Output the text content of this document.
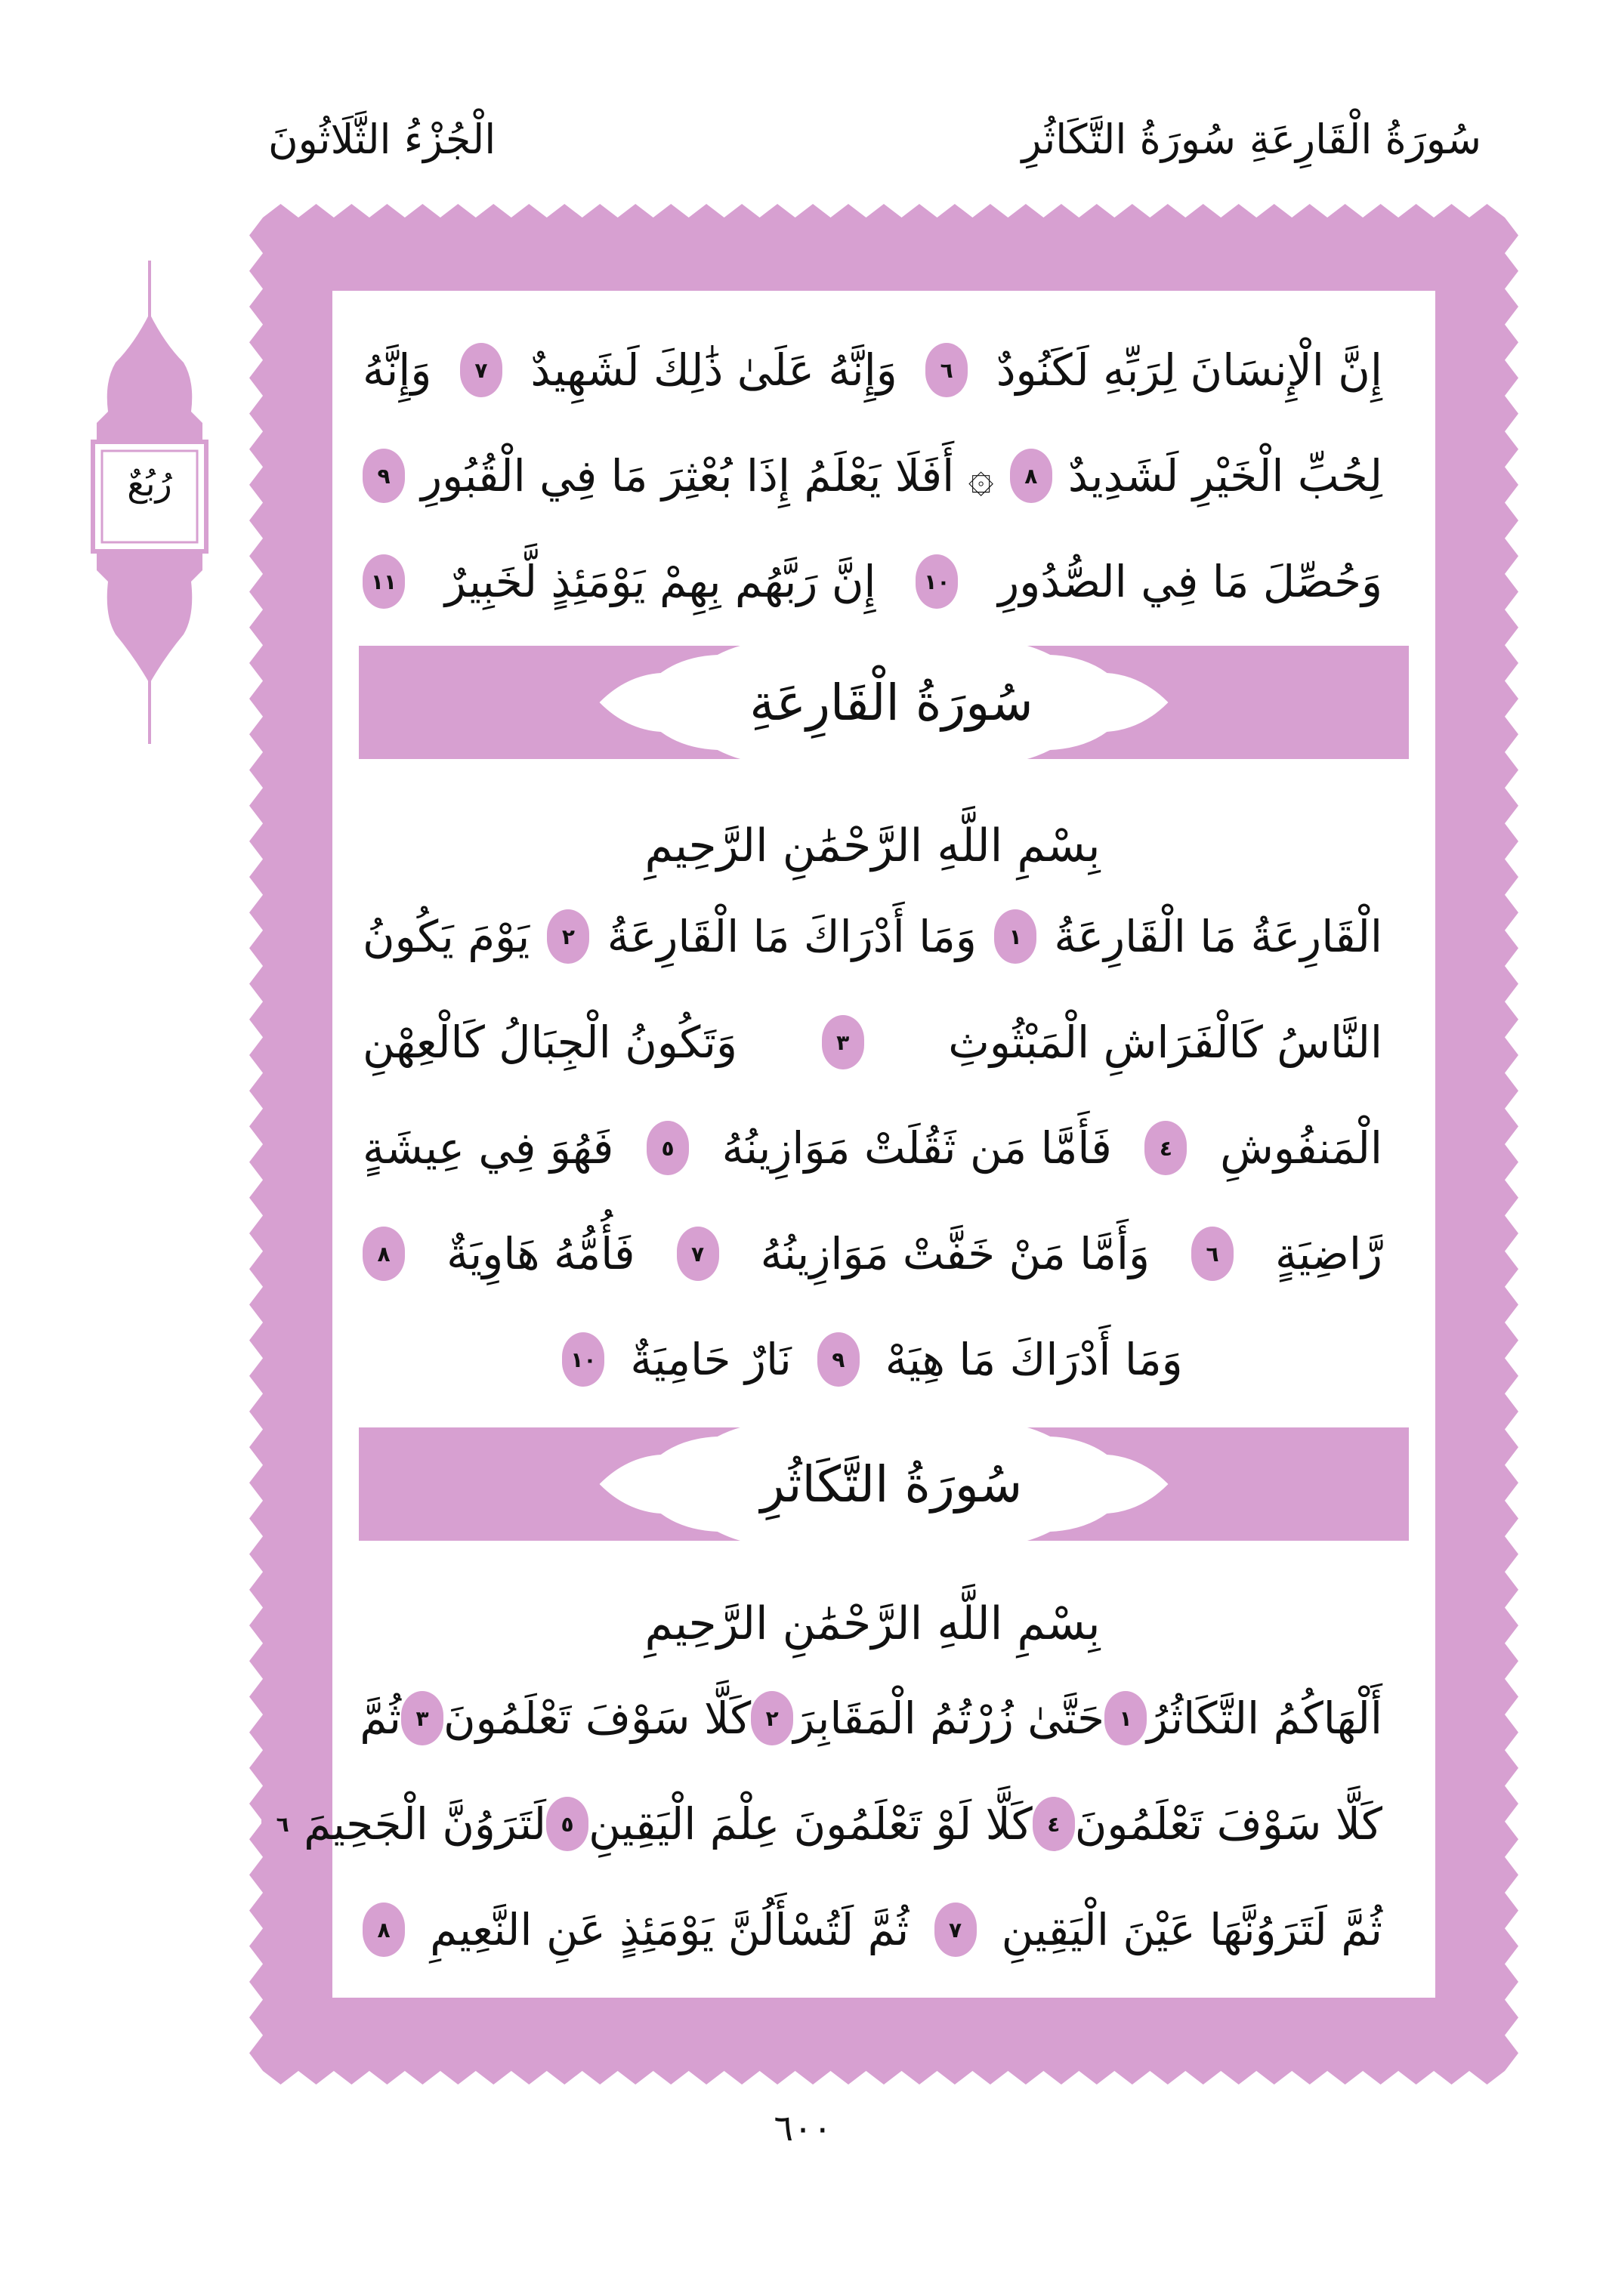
سُورَةُ الْقَارِعَةِ
سُورَةُ التَّكَاثُرِ
الْجُزْءُ الثَّلَاثُونَ
إِنَّ الْإِنسَانَ لِرَبِّهِ لَكَنُودٌ
٦
وَإِنَّهُ عَلَىٰ ذَٰلِكَ لَشَهِيدٌ
٧
وَإِنَّهُ
لِحُبِّ الْخَيْرِ لَشَدِيدٌ
٨
۞ أَفَلَا يَعْلَمُ إِذَا بُعْثِرَ مَا فِي الْقُبُورِ
٩
وَحُصِّلَ مَا فِي الصُّدُورِ
١٠
إِنَّ رَبَّهُم بِهِمْ يَوْمَئِذٍ لَّخَبِيرٌ
١١
سُورَةُ الْقَارِعَةِ
بِسْمِ اللَّهِ الرَّحْمَٰنِ الرَّحِيمِ
الْقَارِعَةُ مَا الْقَارِعَةُ
١
وَمَا أَدْرَاكَ مَا الْقَارِعَةُ
٢
يَوْمَ يَكُونُ
النَّاسُ كَالْفَرَاشِ الْمَبْثُوثِ
٣
وَتَكُونُ الْجِبَالُ كَالْعِهْنِ
الْمَنفُوشِ
٤
فَأَمَّا مَن ثَقُلَتْ مَوَازِينُهُ
٥
فَهُوَ فِي عِيشَةٍ
رَّاضِيَةٍ
٦
وَأَمَّا مَنْ خَفَّتْ مَوَازِينُهُ
٧
فَأُمُّهُ هَاوِيَةٌ
٨
وَمَا أَدْرَاكَ مَا هِيَهْ
٩
نَارٌ حَامِيَةٌ
١٠
سُورَةُ التَّكَاثُرِ
بِسْمِ اللَّهِ الرَّحْمَٰنِ الرَّحِيمِ
أَلْهَاكُمُ التَّكَاثُرُ
١
حَتَّىٰ زُرْتُمُ الْمَقَابِرَ
٢
كَلَّا سَوْفَ تَعْلَمُونَ
٣
ثُمَّ
كَلَّا سَوْفَ تَعْلَمُونَ
٤
كَلَّا لَوْ تَعْلَمُونَ عِلْمَ الْيَقِينِ
٥
لَتَرَوُنَّ الْجَحِيمَ
٦
ثُمَّ لَتَرَوُنَّهَا عَيْنَ الْيَقِينِ
٧
ثُمَّ لَتُسْأَلُنَّ يَوْمَئِذٍ عَنِ النَّعِيمِ
٨
رُبُعٌ
٦٠٠
